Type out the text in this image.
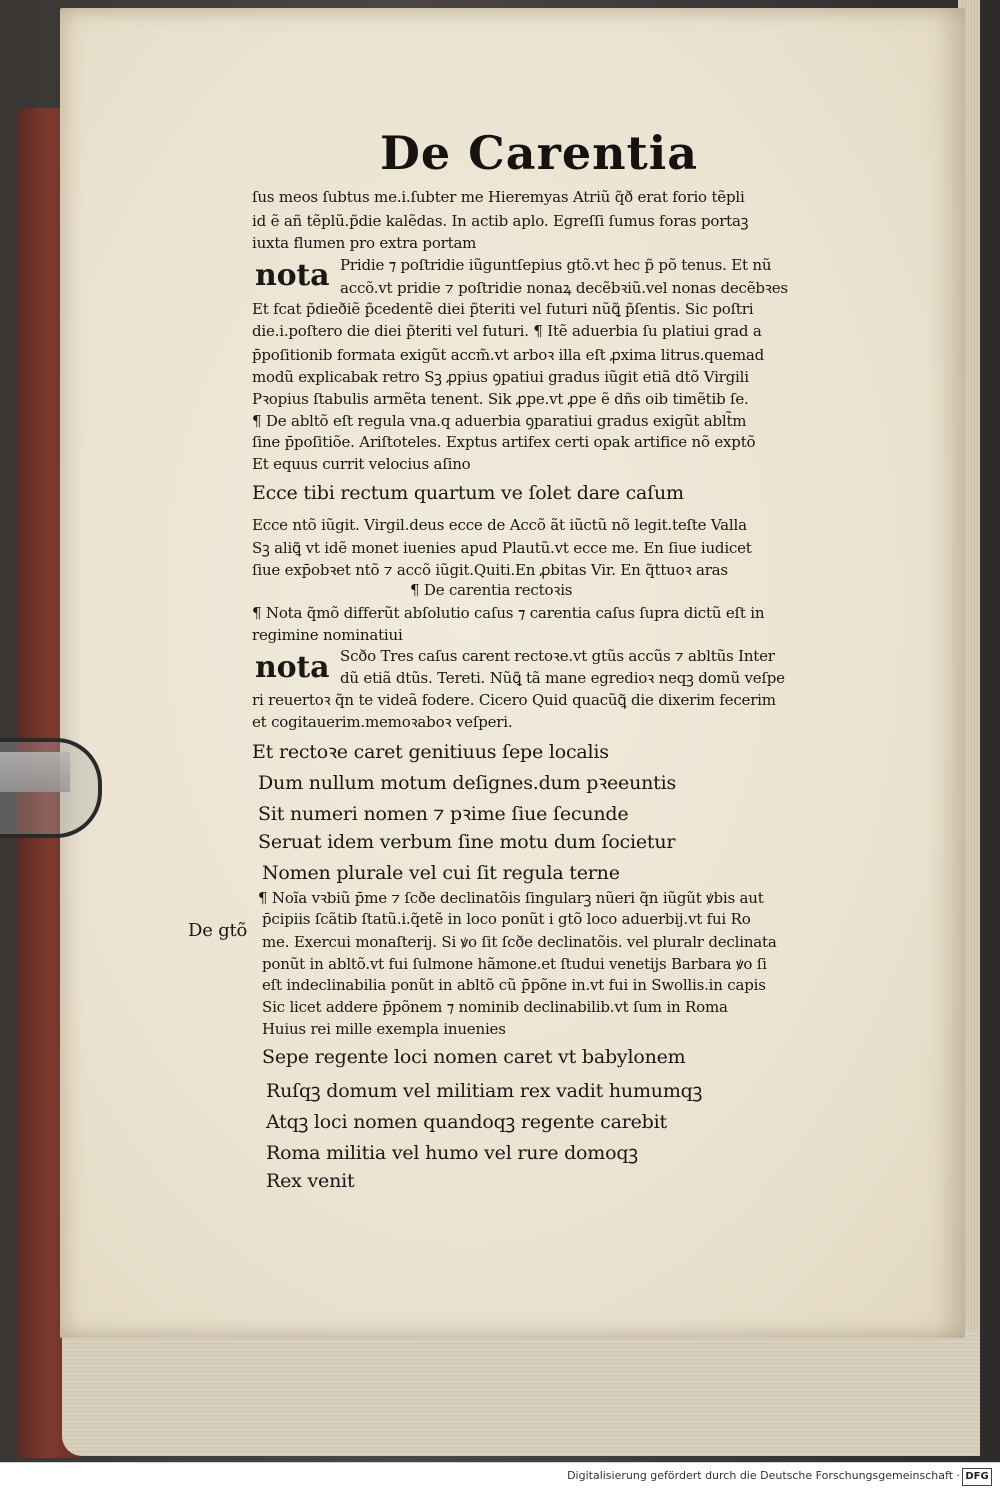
De Carentia
ſus meos ſubtus me.i.ſubter me Hieremyas Atriũ q̃ð erat forio tẽpli
id ẽ añ tẽplũ.p̃die kalẽdas. In actib aplo. Egreſſi ſumus foras portaꝫ
iuxta flumen pro extra portam
nota Pridie ⁊ poſtridie iũguntſepius gtõ.vt hec p̃ põ tenus. Et nũ
accõ.vt pridie ⁊ poſtridie nonaꝝ decẽbꝛiũ.vel nonas decẽbꝛes
Et fcat p̃dieðiẽ p̃cedentẽ diei p̃teriti vel futuri nũꝗ̃ p̃ſentis. Sic poſtri
die.i.poſtero die diei p̃teriti vel futuri. ¶ Itẽ aduerbia ſu platiui grad a
p̄poſitionib formata exigũt accm̃.vt arboꝛ illa eſt ꝓxima litrus.quemad
modũ explicabak retro Sꝫ ꝓpius ꝯpatiui gradus iũgit etiã dtõ Virgili
Pꝛopius ſtabulis armẽta tenent. Sik ꝓpe.vt ꝓpe ẽ dñs oib timẽtib ſe.
¶ De abltõ eſt regula vna.q aduerbia ꝯparatiui gradus exigũt ablt̃m
ſine p̄poſitiõe. Ariſtoteles. Exptus artifex certi opak artifice nõ exptõ
Et equus currit velocius aſino
Ecce tibi rectum quartum ve ſolet dare caſum
Ecce ntõ iũgit. Virgil.deus ecce de Accõ ãt iũctũ nõ legit.teſte Valla
Sꝫ aliꝗ̃ vt idẽ monet iuenies apud Plautũ.vt ecce me. En ſiue iudicet
ſiue exp̄obꝛet ntõ ⁊ accõ iũgit.Quiti.En ꝓbitas Vir. En q̃ttuoꝛ aras
¶ De carentia rectoꝛis
¶ Nota q̃mõ differũt abſolutio caſus ⁊ carentia caſus ſupra dictũ eſt in
regimine nominatiui
nota Scðo Tres caſus carent rectoꝛe.vt gtũs accũs ⁊ abltũs Inter
dũ etiã dtũs. Tereti. Nũꝗ̃ tã mane egredioꝛ neqꝫ domũ veſpe
ri reuertoꝛ q̃n te videã fodere. Cicero Quid quacũꝗ̃ die dixerim fecerim
et cogitauerim.memoꝛaboꝛ veſperi.
Et rectoꝛe caret genitiuus ſepe localis
Dum nullum motum deſignes.dum pꝛeeuntis
Sit numeri nomen ⁊ pꝛime ſiue ſecunde
Seruat idem verbum ſine motu dum ſocietur
Nomen plurale vel cui ſit regula terne
¶ Noĩa vꝛbiũ p̄me ⁊ ſcðe declinatõis ſingularꝫ nũeri q̃n iũgũt ꝟbis aut
De gtõ
p̄cipiis ſcãtib ſtatũ.i.q̃etẽ in loco ponũt i gtõ loco aduerbij.vt fui Ro
me. Exercui monaſterij. Si ꝟo ſit ſcðe declinatõis. vel pluralr declinata
ponũt in abltõ.vt fui ſulmone hãmone.et ſtudui venetijs Barbara ꝟo ſi
eſt indeclinabilia ponũt in abltõ cũ p̄põne in.vt fui in Swollis.in capis
Sic licet addere p̄põnem ⁊ nominib declinabilib.vt ſum in Roma
Huius rei mille exempla inuenies
Sepe regente loci nomen caret vt babylonem
Ruſqꝫ domum vel militiam rex vadit humumqꝫ
Atqꝫ loci nomen quandoqꝫ regente carebit
Roma militia vel humo vel rure domoqꝫ
Rex venit
Digitalisierung gefördert durch die Deutsche Forschungsgemeinschaft · DFG
